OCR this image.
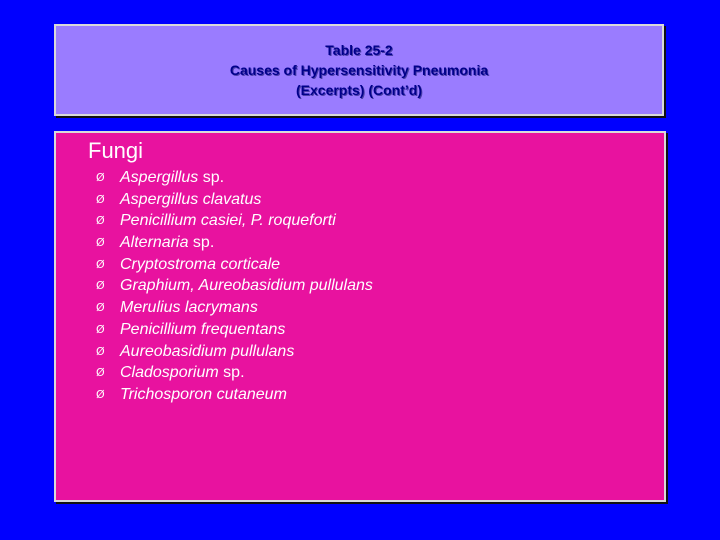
Table 25-2
Causes of Hypersensitivity Pneumonia
(Excerpts) (Cont’d)
Fungi
Ø Aspergillus sp.
Ø Aspergillus clavatus
Ø Penicillium casiei, P. roqueforti
Ø Alternaria sp.
Ø Cryptostroma corticale
Ø Graphium, Aureobasidium pullulans
Ø Merulius lacrymans
Ø Penicillium frequentans
Ø Aureobasidium pullulans
Ø Cladosporium sp.
Ø Trichosporon cutaneum
